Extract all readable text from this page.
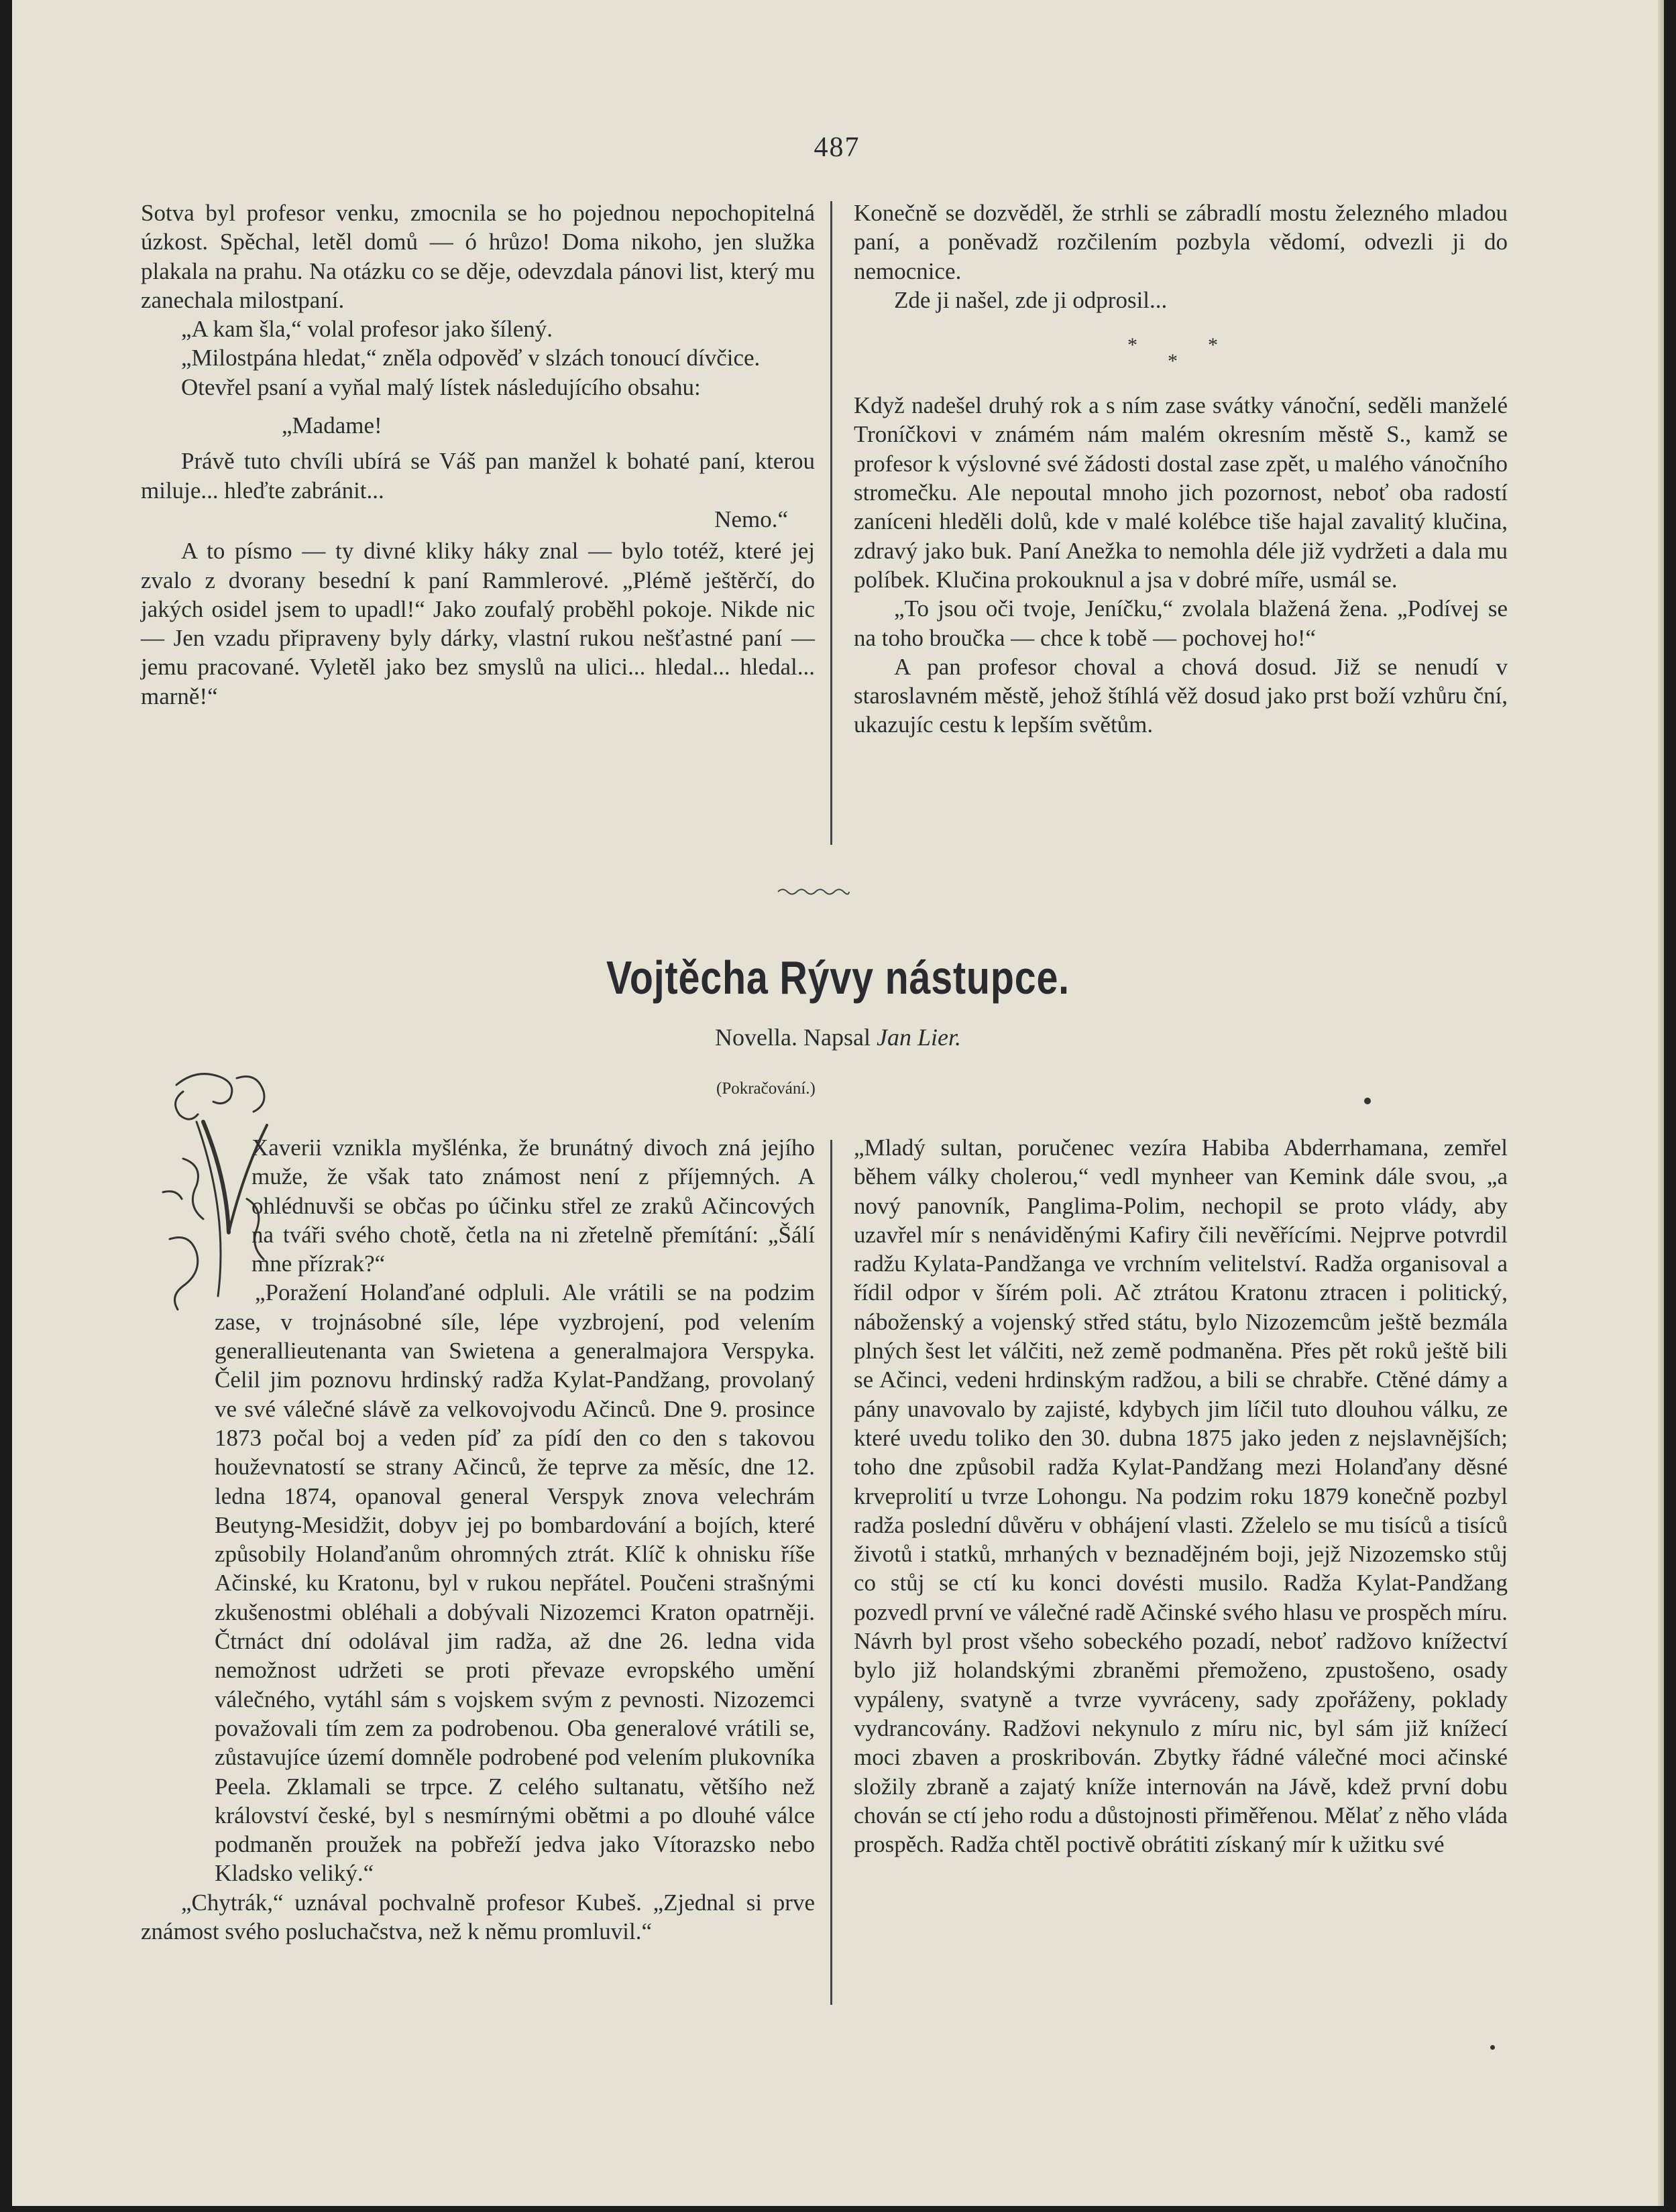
487

Sotva byl profesor venku, zmocnila se ho pojednou nepochopitelná úzkost. Spěchal, letěl domů — ó hrůzo! Doma nikoho, jen služka plakala na prahu. Na otázku co se děje, odevzdala pánovi list, který mu zanechala milostpaní.

„A kam šla,“ volal profesor jako šílený.

„Milostpána hledat,“ zněla odpověď v slzách tonoucí dívčice.

Otevřel psaní a vyňal malý lístek následujícího obsahu:

„Madame!

Právě tuto chvíli ubírá se Váš pan manžel k bohaté paní, kterou miluje... hleďte zabránit...

Nemo.“

A to písmo — ty divné kliky háky znal — bylo totéž, které jej zvalo z dvorany besední k paní Rammlerové. „Plémě ještěrčí, do jakých osidel jsem to upadl!“ Jako zoufalý proběhl pokoje. Nikde nic — Jen vzadu připraveny byly dárky, vlastní rukou nešťastné paní — jemu pracované. Vyletěl jako bez smyslů na ulici... hledal... hledal... marně!“

Konečně se dozvěděl, že strhli se zábradlí mostu železného mladou paní, a poněvadž rozčilením pozbyla vědomí, odvezli ji do nemocnice.

Zde ji našel, zde ji odprosil...

*
*
*

Když nadešel druhý rok a s ním zase svátky vánoční, seděli manželé Troníčkovi v známém nám malém okresním městě S., kamž se profesor k výslovné své žádosti dostal zase zpět, u malého vánočního stromečku. Ale nepoutal mnoho jich pozornost, neboť oba radostí zaníceni hleděli dolů, kde v malé kolébce tiše hajal zavalitý klučina, zdravý jako buk. Paní Anežka to nemohla déle již vydržeti a dala mu políbek. Klučina prokouknul a jsa v dobré míře, usmál se.

„To jsou oči tvoje, Jeníčku,“ zvolala blažená žena. „Podívej se na toho broučka — chce k tobě — pochovej ho!“

A pan profesor choval a chová dosud. Již se nenudí v staroslavném městě, jehož štíhlá věž dosud jako prst boží vzhůru ční, ukazujíc cestu k lepším světům.

Vojtěcha Rývy nástupce.
Novella. Napsal Jan Lier.
(Pokračování.)

Xaverii vznikla myšlénka, že brunátný divoch zná jejího muže, že však tato známost není z příjemných. A ohlédnuvši se občas po účinku střel ze zraků Ačincových na tváři svého chotě, četla na ni zřetelně přemítání: „Šálí mne přízrak?“

„Poražení Holanďané odpluli. Ale vrátili se na podzim zase, v trojnásobné síle, lépe vyzbrojení, pod velením generallieutenanta van Swietena a generalmajora Verspyka. Čelil jim poznovu hrdinský radža Kylat-Pandžang, provolaný ve své válečné slávě za velkovojvodu Ačinců. Dne 9. prosince 1873 počal boj a veden píď za pídí den co den s takovou houževnatostí se strany Ačinců, že teprve za měsíc, dne 12. ledna 1874, opanoval general Verspyk znova velechrám Beutyng-Mesidžit, dobyv jej po bombardování a bojích, které způsobily Holanďanům ohromných ztrát. Klíč k ohnisku říše Ačinské, ku Kratonu, byl v rukou nepřátel. Poučeni strašnými zkušenostmi obléhali a dobývali Nizozemci Kraton opatrněji. Čtrnáct dní odolával jim radža, až dne 26. ledna vida nemožnost udržeti se proti převaze evropského umění válečného, vytáhl sám s vojskem svým z pevnosti. Nizozemci považovali tím zem za podrobenou. Oba generalové vrátili se, zůstavujíce území domněle podrobené pod velením plukovníka Peela. Zklamali se trpce. Z celého sultanatu, většího než království české, byl s nesmírnými obětmi a po dlouhé válce podmaněn proužek na pobřeží jedva jako Vítorazsko nebo Kladsko veliký.“

„Chytrák,“ uznával pochvalně profesor Kubeš. „Zjednal si prve známost svého posluchačstva, než k němu promluvil.“

„Mladý sultan, poručenec vezíra Habiba Abderrhamana, zemřel během války cholerou,“ vedl mynheer van Kemink dále svou, „a nový panovník, Panglima-Polim, nechopil se proto vlády, aby uzavřel mír s nenáviděnými Kafiry čili nevěřícími. Nejprve potvrdil radžu Kylata-Pandžanga ve vrchním velitelství. Radža organisoval a řídil odpor v šírém poli. Ač ztrátou Kratonu ztracen i politický, náboženský a vojenský střed státu, bylo Nizozemcům ještě bezmála plných šest let válčiti, než země podmaněna. Přes pět roků ještě bili se Ačinci, vedeni hrdinským radžou, a bili se chrabře. Ctěné dámy a pány unavovalo by zajisté, kdybych jim líčil tuto dlouhou válku, ze které uvedu toliko den 30. dubna 1875 jako jeden z nejslavnějších; toho dne způsobil radža Kylat-Pandžang mezi Holanďany děsné krveprolití u tvrze Lohongu. Na podzim roku 1879 konečně pozbyl radža poslední důvěru v obhájení vlasti. Zželelo se mu tisíců a tisíců životů i statků, mrhaných v beznadějném boji, jejž Nizozemsko stůj co stůj se ctí ku konci dovésti musilo. Radža Kylat-Pandžang pozvedl první ve válečné radě Ačinské svého hlasu ve prospěch míru. Návrh byl prost všeho sobeckého pozadí, neboť radžovo knížectví bylo již holandskými zbraněmi přemoženo, zpustošeno, osady vypáleny, svatyně a tvrze vyvráceny, sady zpořáženy, poklady vydrancovány. Radžovi nekynulo z míru nic, byl sám již knížecí moci zbaven a proskribován. Zbytky řádné válečné moci ačinské složily zbraně a zajatý kníže internován na Jávě, kdež první dobu chován se ctí jeho rodu a důstojnosti přiměřenou. Mělať z něho vláda prospěch. Radža chtěl poctivě obrátiti získaný mír k užitku své
